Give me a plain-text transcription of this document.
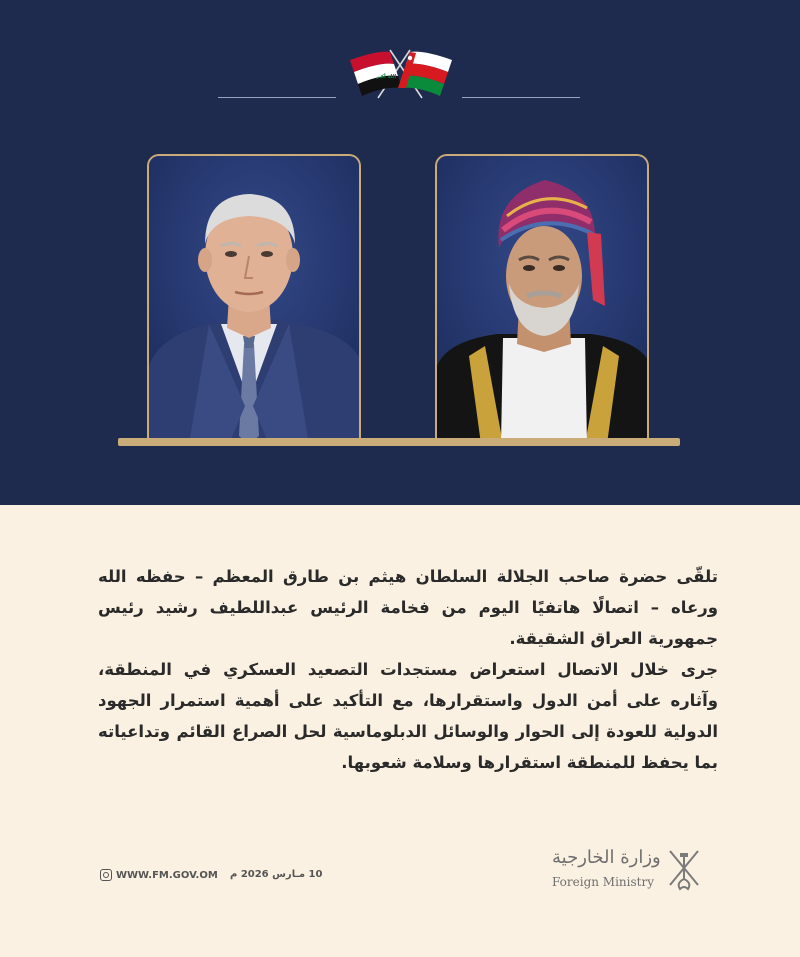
الله أكبر

تلقّى حضرة صاحب الجلالة السلطان هيثم بن طارق المعظم – حفظه الله ورعاه – اتصالًا هاتفيًا اليوم من فخامة الرئيس عبداللطيف رشيد رئيس جمهورية العراق الشقيقة.

جرى خلال الاتصال استعراض مستجدات التصعيد العسكري في المنطقة، وآثاره على أمن الدول واستقرارها، مع التأكيد على أهمية استمرار الجهود الدولية للعودة إلى الحوار والوسائل الدبلوماسية لحل الصراع القائم وتداعياته بما يحفظ للمنطقة استقرارها وسلامة شعوبها.

WWW.FM.GOV.OM 10 مـارس 2026 م
وزارة الخارجية
Foreign Ministry
